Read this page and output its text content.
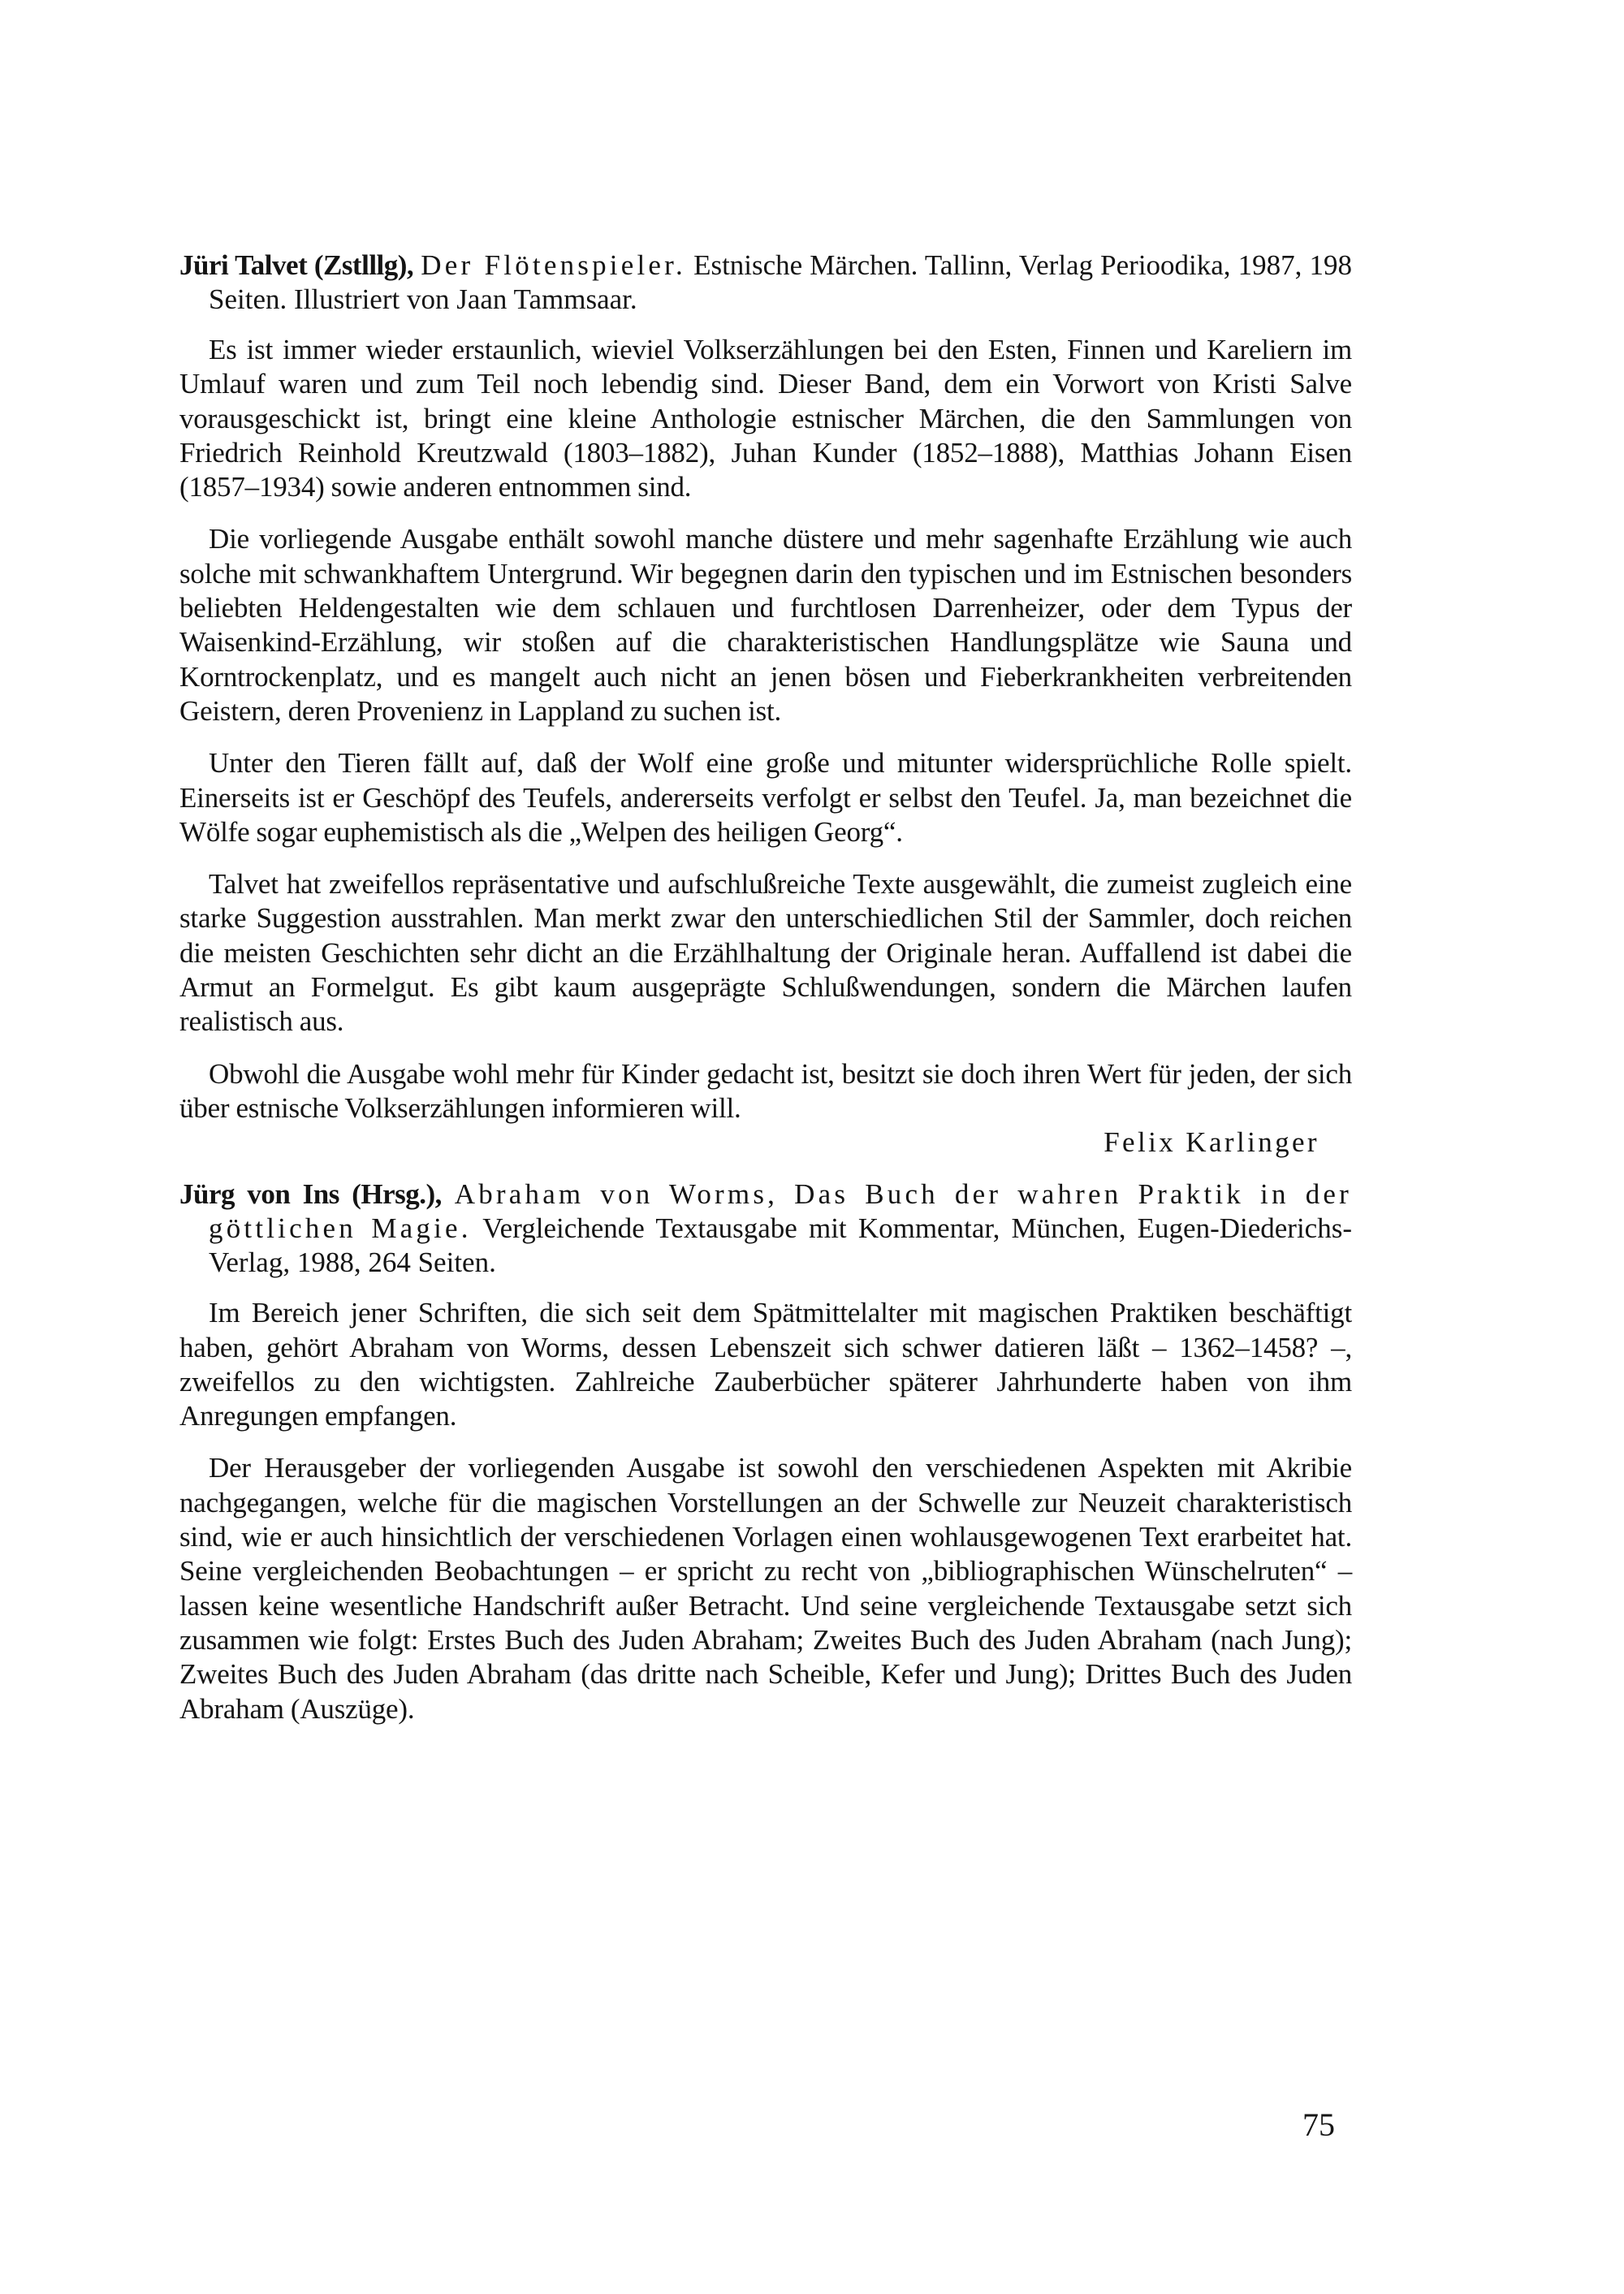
Jüri Talvet (Zstlllg), Der Flötenspieler. Estnische Märchen. Tallinn, Verlag Perioodika, 1987, 198 Seiten. Illustriert von Jaan Tammsaar.

Es ist immer wieder erstaunlich, wieviel Volkserzählungen bei den Esten, Finnen und Kareliern im Umlauf waren und zum Teil noch lebendig sind. Dieser Band, dem ein Vorwort von Kristi Salve vorausgeschickt ist, bringt eine kleine Anthologie estnischer Märchen, die den Sammlungen von Friedrich Reinhold Kreutzwald (1803–1882), Juhan Kunder (1852–1888), Matthias Johann Eisen (1857–1934) sowie anderen entnommen sind.

Die vorliegende Ausgabe enthält sowohl manche düstere und mehr sagenhafte Erzählung wie auch solche mit schwankhaftem Untergrund. Wir begegnen darin den typischen und im Estnischen besonders beliebten Heldengestalten wie dem schlauen und furchtlosen Darrenheizer, oder dem Typus der Waisenkind-Erzählung, wir stoßen auf die charakteristischen Handlungsplätze wie Sauna und Korntrockenplatz, und es mangelt auch nicht an jenen bösen und Fieberkrankheiten verbreitenden Geistern, deren Provenienz in Lappland zu suchen ist.

Unter den Tieren fällt auf, daß der Wolf eine große und mitunter widersprüchliche Rolle spielt. Einerseits ist er Geschöpf des Teufels, andererseits verfolgt er selbst den Teufel. Ja, man bezeichnet die Wölfe sogar euphemistisch als die „Welpen des heiligen Georg“.

Talvet hat zweifellos repräsentative und aufschlußreiche Texte ausgewählt, die zumeist zugleich eine starke Suggestion ausstrahlen. Man merkt zwar den unterschiedlichen Stil der Sammler, doch reichen die meisten Geschichten sehr dicht an die Erzählhaltung der Originale heran. Auffallend ist dabei die Armut an Formelgut. Es gibt kaum ausgeprägte Schlußwendungen, sondern die Märchen laufen realistisch aus.

Obwohl die Ausgabe wohl mehr für Kinder gedacht ist, besitzt sie doch ihren Wert für jeden, der sich über estnische Volkserzählungen informieren will.

Felix Karlinger

Jürg von Ins (Hrsg.), Abraham von Worms, Das Buch der wahren Praktik in der göttlichen Magie. Vergleichende Textausgabe mit Kommentar, München, Eugen-Diederichs-Verlag, 1988, 264 Seiten.

Im Bereich jener Schriften, die sich seit dem Spätmittelalter mit magischen Praktiken beschäftigt haben, gehört Abraham von Worms, dessen Lebenszeit sich schwer datieren läßt – 1362–1458? –, zweifellos zu den wichtigsten. Zahlreiche Zauberbücher späterer Jahrhunderte haben von ihm Anregungen empfangen.

Der Herausgeber der vorliegenden Ausgabe ist sowohl den verschiedenen Aspekten mit Akribie nachgegangen, welche für die magischen Vorstellungen an der Schwelle zur Neuzeit charakteristisch sind, wie er auch hinsichtlich der verschiedenen Vorlagen einen wohlausgewogenen Text erarbeitet hat. Seine vergleichenden Beobachtungen – er spricht zu recht von „bibliographischen Wünschelruten“ – lassen keine wesentliche Handschrift außer Betracht. Und seine vergleichende Textausgabe setzt sich zusammen wie folgt: Erstes Buch des Juden Abraham; Zweites Buch des Juden Abraham (nach Jung); Zweites Buch des Juden Abraham (das dritte nach Scheible, Kefer und Jung); Drittes Buch des Juden Abraham (Auszüge).

75
